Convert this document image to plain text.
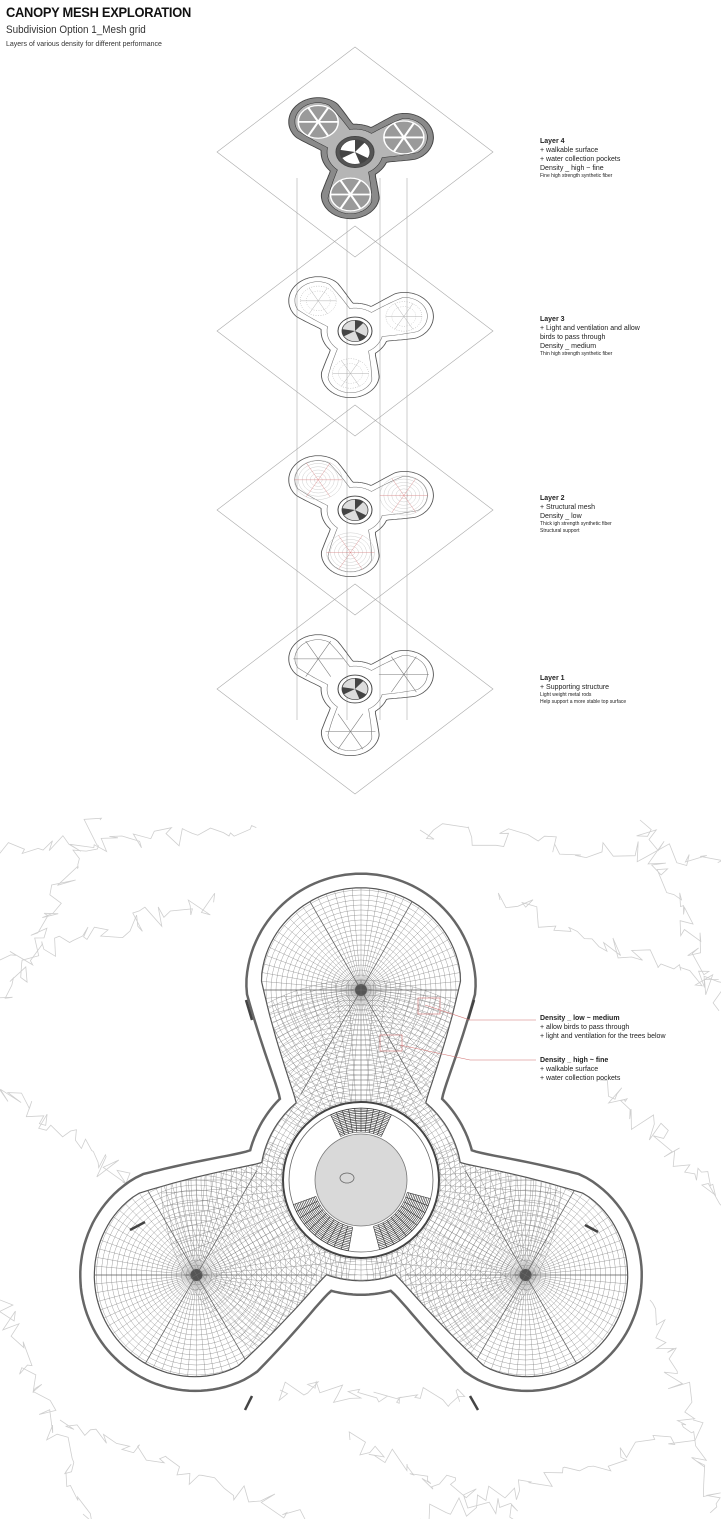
CANOPY MESH EXPLORATION
Subdivision Option 1_Mesh grid
Layers of various density for different performance
Layer 4
+ walkable surface
+ water collection pockets
Density _ high ~ fine
Fine high strength synthetic fiber
Layer 3
+ Light and ventilation and allow
birds to pass through
Density _ medium
Thin high strength synthetic fiber
Layer 2
+ Structural mesh
Density _ low
Thick igh strength synthetic fiber
Structural support
Layer 1
+ Supporting structure
Light weight metal rods
Help support a more stable top surface
Density _ low ~ medium
+ allow birds to pass through
+ light and ventilation for the trees below
Density _ high ~ fine
+ walkable surface
+ water collection pockets
